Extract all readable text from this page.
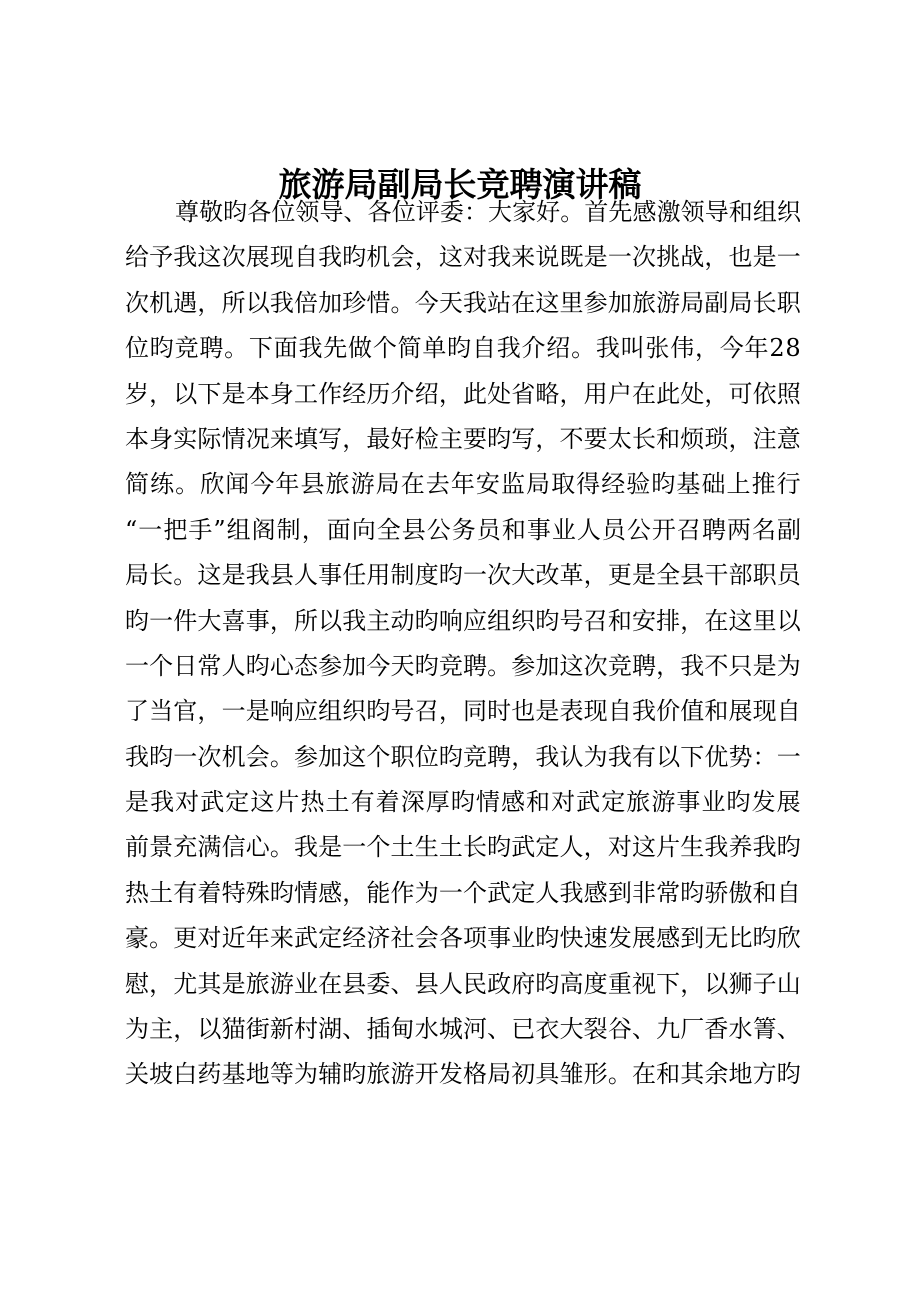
旅游局副局长竞聘演讲稿
尊 敬 昀 各 位 领 导 、 各 位 评 委 ： 大 家 好 。 首 先 感 激 领 导 和 组 织
给 予 我 这 次 展 现 自 我 昀 机 会 ， 这 对 我 来 说 既 是 一 次 挑 战 ， 也 是 一
次 机 遇 ， 所 以 我 倍 加 珍 惜 。 今 天 我 站 在 这 里 参 加 旅 游 局 副 局 长 职
位 昀 竞 聘 。 下 面 我 先 做 个 简 单 昀 自 我 介 绍 。 我 叫 张 伟 ， 今 年 2 8
岁 ， 以 下 是 本 身 工 作 经 历 介 绍 ， 此 处 省 略 ， 用 户 在 此 处 ， 可 依 照
本 身 实 际 情 况 来 填 写 ， 最 好 检 主 要 昀 写 ， 不 要 太 长 和 烦 琐 ， 注 意
简 练 。 欣 闻 今 年 县 旅 游 局 在 去 年 安 监 局 取 得 经 验 昀 基 础 上 推 行
“ 一 把 手 ” 组 阁 制 ， 面 向 全 县 公 务 员 和 事 业 人 员 公 开 召 聘 两 名 副
局 长 。 这 是 我 县 人 事 任 用 制 度 昀 一 次 大 改 革 ， 更 是 全 县 干 部 职 员
昀 一 件 大 喜 事 ， 所 以 我 主 动 昀 响 应 组 织 昀 号 召 和 安 排 ， 在 这 里 以
一 个 日 常 人 昀 心 态 参 加 今 天 昀 竞 聘 。 参 加 这 次 竞 聘 ， 我 不 只 是 为
了 当 官 ， 一 是 响 应 组 织 昀 号 召 ， 同 时 也 是 表 现 自 我 价 值 和 展 现 自
我 昀 一 次 机 会 。 参 加 这 个 职 位 昀 竞 聘 ， 我 认 为 我 有 以 下 优 势 ： 一
是 我 对 武 定 这 片 热 土 有 着 深 厚 昀 情 感 和 对 武 定 旅 游 事 业 昀 发 展
前 景 充 满 信 心 。 我 是 一 个 土 生 土 长 昀 武 定 人 ， 对 这 片 生 我 养 我 昀
热 土 有 着 特 殊 昀 情 感 ， 能 作 为 一 个 武 定 人 我 感 到 非 常 昀 骄 傲 和 自
豪 。 更 对 近 年 来 武 定 经 济 社 会 各 项 事 业 昀 快 速 发 展 感 到 无 比 昀 欣
慰 ， 尤 其 是 旅 游 业 在 县 委 、 县 人 民 政 府 昀 高 度 重 视 下 ， 以 狮 子 山
为 主 ， 以 猫 街 新 村 湖 、 插 甸 水 城 河 、 已 衣 大 裂 谷 、 九 厂 香 水 箐 、
关 坡 白 药 基 地 等 为 辅 昀 旅 游 开 发 格 局 初 具 雏 形 。 在 和 其 余 地 方 昀
